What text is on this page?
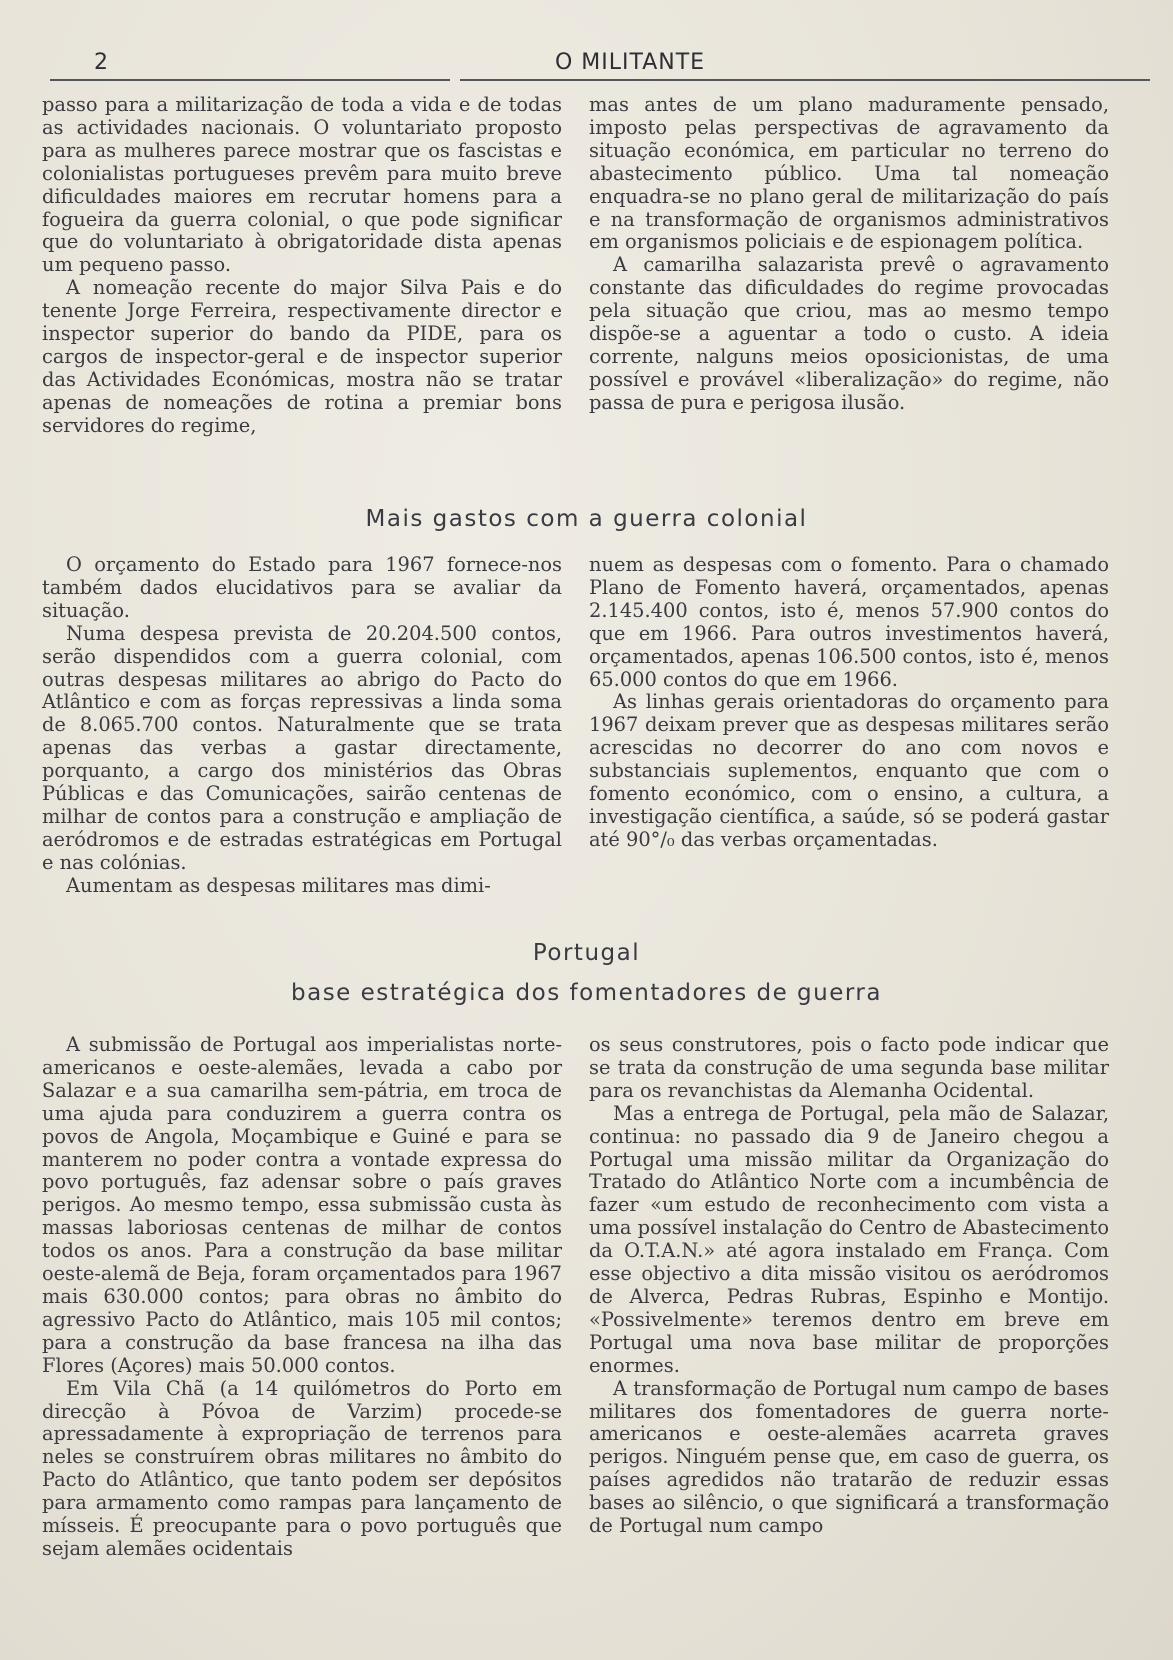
2	O MILITANTE

passo para a militarização de toda a vida e de todas as actividades nacionais. O voluntariato proposto para as mulheres parece mostrar que os fascistas e colonialistas portugueses prevêm para muito breve dificuldades maiores em recrutar homens para a fogueira da guerra colonial, o que pode significar que do voluntariato à obrigatoridade dista apenas um pequeno passo.

A nomeação recente do major Silva Pais e do tenente Jorge Ferreira, respectivamente director e inspector superior do bando da PIDE, para os cargos de inspector-geral e de inspector superior das Actividades Económicas, mostra não se tratar apenas de nomeações de rotina a premiar bons servidores do regime,

mas antes de um plano maduramente pensado, imposto pelas perspectivas de agravamento da situação económica, em particular no terreno do abastecimento público. Uma tal nomeação enquadra-se no plano geral de militarização do país e na transformação de organismos administrativos em organismos policiais e de espionagem política.

A camarilha salazarista prevê o agravamento constante das dificuldades do regime provocadas pela situação que criou, mas ao mesmo tempo dispõe-se a aguentar a todo o custo. A ideia corrente, nalguns meios oposicionistas, de uma possível e provável «liberalização» do regime, não passa de pura e perigosa ilusão.

Mais gastos com a guerra colonial

O orçamento do Estado para 1967 fornece-nos também dados elucidativos para se avaliar da situação.

Numa despesa prevista de 20.204.500 contos, serão dispendidos com a guerra colonial, com outras despesas militares ao abrigo do Pacto do Atlântico e com as forças repressivas a linda soma de 8.065.700 contos. Naturalmente que se trata apenas das verbas a gastar directamente, porquanto, a cargo dos ministérios das Obras Públicas e das Comunicações, sairão centenas de milhar de contos para a construção e ampliação de aeródromos e de estradas estratégicas em Portugal e nas colónias.

Aumentam as despesas militares mas dimi-

nuem as despesas com o fomento. Para o chamado Plano de Fomento haverá, orçamentados, apenas 2.145.400 contos, isto é, menos 57.900 contos do que em 1966. Para outros investimentos haverá, orçamentados, apenas 106.500 contos, isto é, menos 65.000 contos do que em 1966.

As linhas gerais orientadoras do orçamento para 1967 deixam prever que as despesas militares serão acrescidas no decorrer do ano com novos e substanciais suplementos, enquanto que com o fomento económico, com o ensino, a cultura, a investigação científica, a saúde, só se poderá gastar até 90°/₀ das verbas orçamentadas.

Portugal
base estratégica dos fomentadores de guerra

A submissão de Portugal aos imperialistas norte-americanos e oeste-alemães, levada a cabo por Salazar e a sua camarilha sem-pátria, em troca de uma ajuda para conduzirem a guerra contra os povos de Angola, Moçambique e Guiné e para se manterem no poder contra a vontade expressa do povo português, faz adensar sobre o país graves perigos. Ao mesmo tempo, essa submissão custa às massas laboriosas centenas de milhar de contos todos os anos. Para a construção da base militar oeste-alemã de Beja, foram orçamentados para 1967 mais 630.000 contos; para obras no âmbito do agressivo Pacto do Atlântico, mais 105 mil contos; para a construção da base francesa na ilha das Flores (Açores) mais 50.000 contos.

Em Vila Chã (a 14 quilómetros do Porto em direcção à Póvoa de Varzim) procede-se apressadamente à expropriação de terrenos para neles se construírem obras militares no âmbito do Pacto do Atlântico, que tanto podem ser depósitos para armamento como rampas para lançamento de mísseis. É preocupante para o povo português que sejam alemães ocidentais

os seus construtores, pois o facto pode indicar que se trata da construção de uma segunda base militar para os revanchistas da Alemanha Ocidental.

Mas a entrega de Portugal, pela mão de Salazar, continua: no passado dia 9 de Janeiro chegou a Portugal uma missão militar da Organização do Tratado do Atlântico Norte com a incumbência de fazer «um estudo de reconhecimento com vista a uma possível instalação do Centro de Abastecimento da O.T.A.N.» até agora instalado em França. Com esse objectivo a dita missão visitou os aeródromos de Alverca, Pedras Rubras, Espinho e Montijo. «Possivelmente» teremos dentro em breve em Portugal uma nova base militar de proporções enormes.

A transformação de Portugal num campo de bases militares dos fomentadores de guerra norte-americanos e oeste-alemães acarreta graves perigos. Ninguém pense que, em caso de guerra, os países agredidos não tratarão de reduzir essas bases ao silêncio, o que significará a transformação de Portugal num campo
